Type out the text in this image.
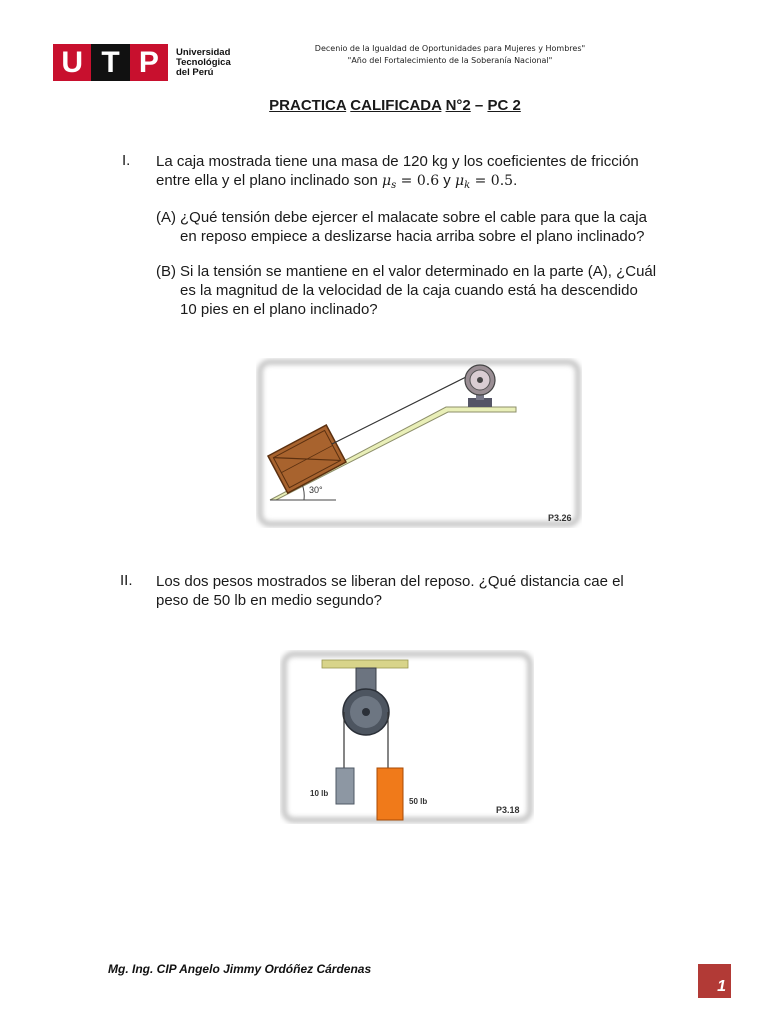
U T P	Universidad
Tecnológica
del Perú
Decenio de la Igualdad de Oportunidades para Mujeres y Hombres"
"Año del Fortalecimiento de la Soberanía Nacional"
PRACTICA CALIFICADA N°2 – PC 2
I. La caja mostrada tiene una masa de 120 kg y los coeficientes de fricción
entre ella y el plano inclinado son $\mu_s = 0.6$ y $\mu_k = 0.5$.
(A) ¿Qué tensión debe ejercer el malacate sobre el cable para que la caja
en reposo empiece a deslizarse hacia arriba sobre el plano inclinado?
(B) Si la tensión se mantiene en el valor determinado en la parte (A), ¿Cuál
es la magnitud de la velocidad de la caja cuando está ha descendido
10 pies en el plano inclinado?
30°
P3.26
II. Los dos pesos mostrados se liberan del reposo. ¿Qué distancia cae el
peso de 50 lb en medio segundo?
10 lb
50 lb
P3.18
Mg. Ing. CIP Angelo Jimmy Ordóñez Cárdenas
1
